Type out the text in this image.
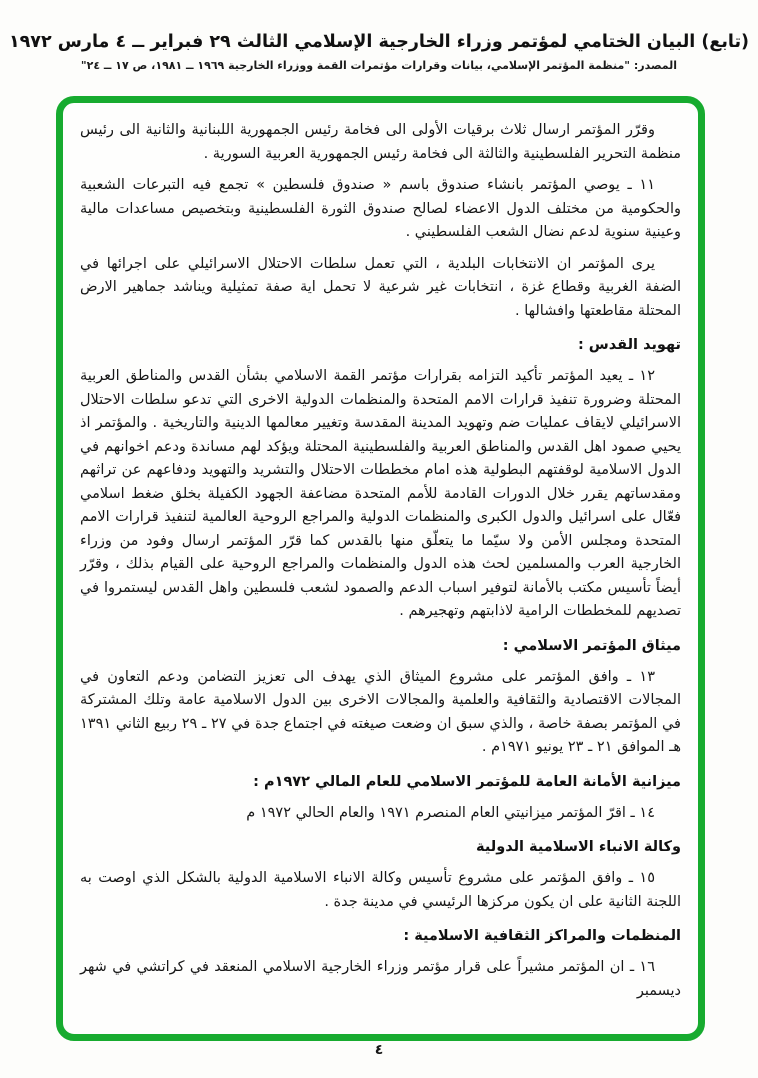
(تابع) البيان الختامي لمؤتمر وزراء الخارجية الإسلامي الثالث ٢٩ فبراير ــ ٤ مارس ١٩٧٢
المصدر: "منظمة المؤتمر الإسلامي، بيانات وقرارات مؤتمرات القمة ووزراء الخارجية ١٩٦٩ ــ ١٩٨١، ص ١٧ ــ ٢٤"

وقرّر المؤتمر ارسال ثلاث برقيات الأولى الى فخامة رئيس الجمهورية اللبنانية والثانية الى رئيس منظمة التحرير الفلسطينية والثالثة الى فخامة رئيس الجمهورية العربية السورية .

١١ ـ يوصي المؤتمر بانشاء صندوق باسم « صندوق فلسطين » تجمع فيه التبرعات الشعبية والحكومية من مختلف الدول الاعضاء لصالح صندوق الثورة الفلسطينية وبتخصيص مساعدات مالية وعينية سنوية لدعم نضال الشعب الفلسطيني .

يرى المؤتمر ان الانتخابات البلدية ، التي تعمل سلطات الاحتلال الاسرائيلي على اجرائها في الضفة الغربية وقطاع غزة ، انتخابات غير شرعية لا تحمل اية صفة تمثيلية ويناشد جماهير الارض المحتلة مقاطعتها وافشالها .

تهويد القدس :

١٢ ـ يعيد المؤتمر تأكيد التزامه بقرارات مؤتمر القمة الاسلامي بشأن القدس والمناطق العربية المحتلة وضرورة تنفيذ قرارات الامم المتحدة والمنظمات الدولية الاخرى التي تدعو سلطات الاحتلال الاسرائيلي لايقاف عمليات ضم وتهويد المدينة المقدسة وتغيير معالمها الدينية والتاريخية . والمؤتمر اذ يحيي صمود اهل القدس والمناطق العربية والفلسطينية المحتلة ويؤكد لهم مساندة ودعم اخوانهم في الدول الاسلامية لوقفتهم البطولية هذه امام مخططات الاحتلال والتشريد والتهويد ودفاعهم عن تراثهم ومقدساتهم يقرر خلال الدورات القادمة للأمم المتحدة مضاعفة الجهود الكفيلة بخلق ضغط اسلامي فعّال على اسرائيل والدول الكبرى والمنظمات الدولية والمراجع الروحية العالمية لتنفيذ قرارات الامم المتحدة ومجلس الأمن ولا سيّما ما يتعلّق منها بالقدس كما قرّر المؤتمر ارسال وفود من وزراء الخارجية العرب والمسلمين لحث هذه الدول والمنظمات والمراجع الروحية على القيام بذلك ، وقرّر أيضاً تأسيس مكتب بالأمانة لتوفير اسباب الدعم والصمود لشعب فلسطين واهل القدس ليستمروا في تصديهم للمخططات الرامية لاذابتهم وتهجيرهم .

ميثاق المؤتمر الاسلامي :

١٣ ـ وافق المؤتمر على مشروع الميثاق الذي يهدف الى تعزيز التضامن ودعم التعاون في المجالات الاقتصادية والثقافية والعلمية والمجالات الاخرى بين الدول الاسلامية عامة وتلك المشتركة في المؤتمر بصفة خاصة ، والذي سبق ان وضعت صيغته في اجتماع جدة في ٢٧ ـ ٢٩ ربيع الثاني ١٣٩١ هـ الموافق ٢١ ـ ٢٣ يونيو ١٩٧١م .

ميزانية الأمانة العامة للمؤتمر الاسلامي للعام المالي ١٩٧٢م :

١٤ ـ اقرّ المؤتمر ميزانيتي العام المنصرم ١٩٧١ والعام الحالي ١٩٧٢ م

وكالة الانباء الاسلامية الدولية

١٥ ـ وافق المؤتمر على مشروع تأسيس وكالة الانباء الاسلامية الدولية بالشكل الذي اوصت به اللجنة الثانية على ان يكون مركزها الرئيسي في مدينة جدة .

المنظمات والمراكز الثقافية الاسلامية :

١٦ ـ ان المؤتمر مشيراً على قرار مؤتمر وزراء الخارجية الاسلامي المنعقد في كراتشي في شهر ديسمبر

٤
